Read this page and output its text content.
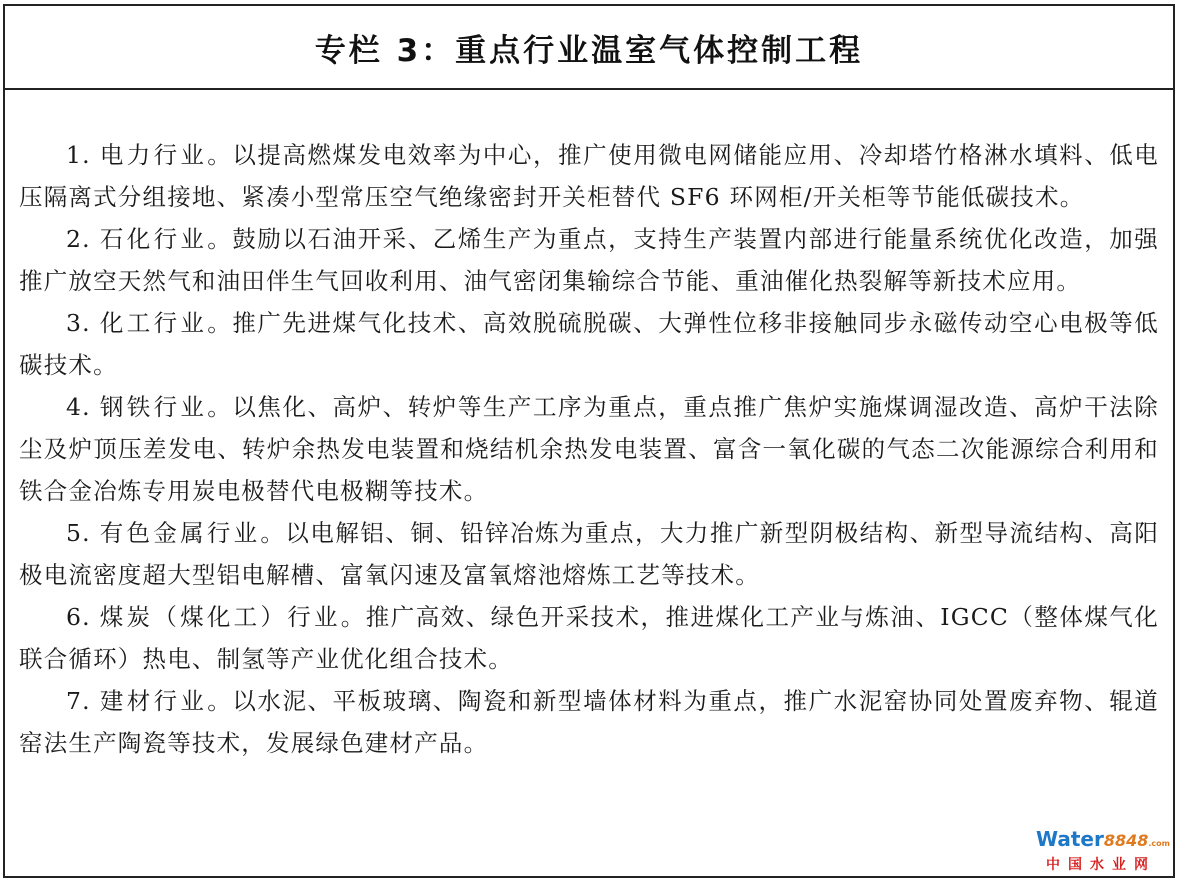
专栏 3：重点行业温室气体控制工程

1. 电力行业。以提高燃煤发电效率为中心，推广使用微电网储能应用、冷却塔竹格淋水填料、低电压隔离式分组接地、紧凑小型常压空气绝缘密封开关柜替代 SF6 环网柜/开关柜等节能低碳技术。

2. 石化行业。鼓励以石油开采、乙烯生产为重点，支持生产装置内部进行能量系统优化改造，加强推广放空天然气和油田伴生气回收利用、油气密闭集输综合节能、重油催化热裂解等新技术应用。

3. 化工行业。推广先进煤气化技术、高效脱硫脱碳、大弹性位移非接触同步永磁传动空心电极等低碳技术。

4. 钢铁行业。以焦化、高炉、转炉等生产工序为重点，重点推广焦炉实施煤调湿改造、高炉干法除尘及炉顶压差发电、转炉余热发电装置和烧结机余热发电装置、富含一氧化碳的气态二次能源综合利用和铁合金冶炼专用炭电极替代电极糊等技术。

5. 有色金属行业。以电解铝、铜、铅锌冶炼为重点，大力推广新型阴极结构、新型导流结构、高阳极电流密度超大型铝电解槽、富氧闪速及富氧熔池熔炼工艺等技术。

6. 煤炭（煤化工）行业。推广高效、绿色开采技术，推进煤化工产业与炼油、IGCC（整体煤气化联合循环）热电、制氢等产业优化组合技术。

7. 建材行业。以水泥、平板玻璃、陶瓷和新型墙体材料为重点，推广水泥窑协同处置废弃物、辊道窑法生产陶瓷等技术，发展绿色建材产品。

Water8848.com
中国水业网
